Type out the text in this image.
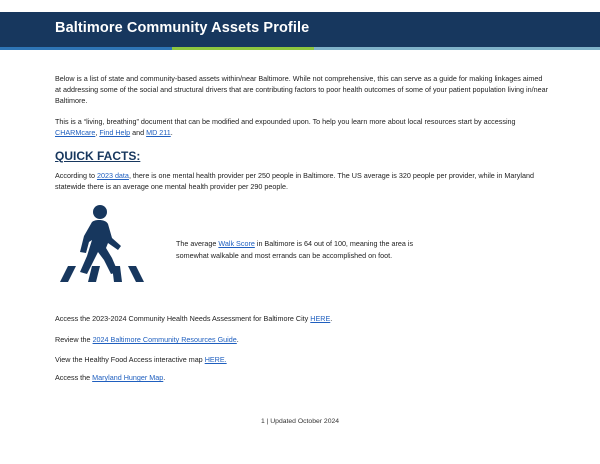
Baltimore Community Assets Profile

Below is a list of state and community-based assets within/near Baltimore. While not comprehensive, this can serve as a guide for making linkages aimed at addressing some of the social and structural drivers that are contributing factors to poor health outcomes of some of your patient population living in/near Baltimore.

This is a “living, breathing” document that can be modified and expounded upon. To help you learn more about local resources start by accessing CHARMcare, Find Help and MD 211.

QUICK FACTS:

According to 2023 data, there is one mental health provider per 250 people in Baltimore. The US average is 320 people per provider, while in Maryland statewide there is an average one mental health provider per 290 people.

The average Walk Score in Baltimore is 64 out of 100, meaning the area is somewhat walkable and most errands can be accomplished on foot.

Access the 2023-2024 Community Health Needs Assessment for Baltimore City HERE.

Review the 2024 Baltimore Community Resources Guide.

View the Healthy Food Access interactive map HERE.

Access the Maryland Hunger Map.

1 | Updated October 2024
